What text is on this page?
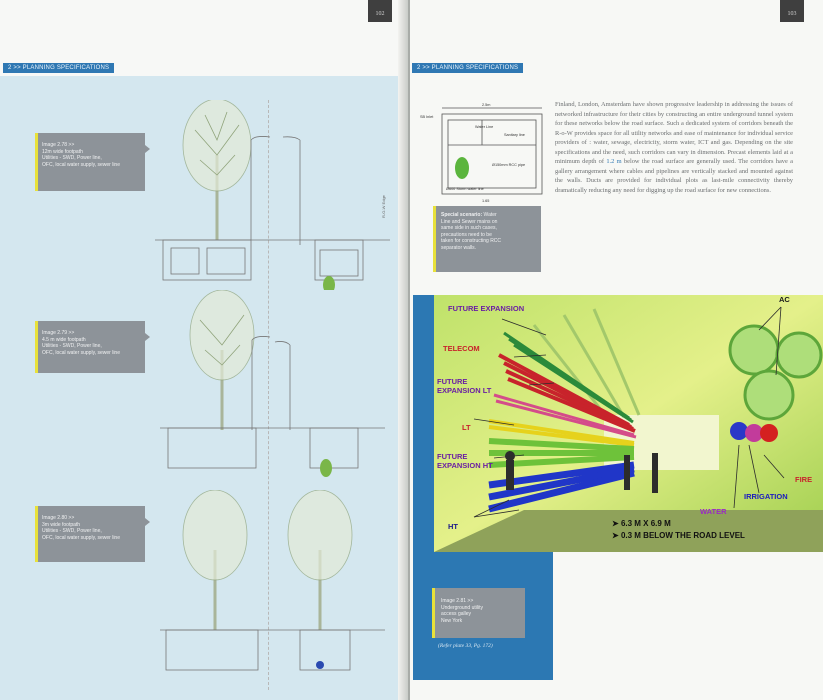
102
2 >> PLANNING SPECIFICATIONS
Image 2.78 >>
12m wide footpath
Utilities - SWD, Power line,
OFC, local water supply, sewer line
Image 2.79 >>
4.5 m wide footpath
Utilities - SWD, Power line,
OFC, local water supply, sewer line
Image 2.80 >>
3m wide footpath
Utilities - SWD, Power line,
OFC, local water supply, sewer line
R-O-W Edge
103
2 >> PLANNING SPECIFICATIONS
2.5m
1.65
SB Inlet
Water Line
Sanitary line
Ø150mm RCC pipe
Ø600 Storm water line

Finland, London, Amsterdam have shown progressive leadership in addressing the issues of networked infrastructure for their cities by constructing an entire underground tunnel system for these networks below the road surface. Such a dedicated system of corridors beneath the R-o-W provides space for all utility networks and ease of maintenance for individual service providers of : water, sewage, electricity, storm water, ICT and gas. Depending on the site specifications and the need, such corridors can vary in dimension. Precast elements laid at a minimum depth of 1.2 m below the road surface are generally used. The corridors have a gallery arrangement where cables and pipelines are vertically stacked and mounted against the walls. Ducts are provided for individual plots as last-mile connectivity thereby dramatically reducing any need for digging up the road surface for new connections.

Special scenario: Water
Line and Sewer mains on
same side in such cases,
precautions need to be
taken for constructing RCC
separator walls.
FUTURE EXPANSION
TELECOM
FUTURE EXPANSION LT
LT
FUTURE EXPANSION HT
HT
AC
FIRE
IRRIGATION
WATER
➤ 6.3 M X 6.9 M
➤ 0.3 M BELOW THE ROAD LEVEL
Image 2.81 >>
Underground utility
access galley
New York
(Refer plate 33, Pg. 172)
